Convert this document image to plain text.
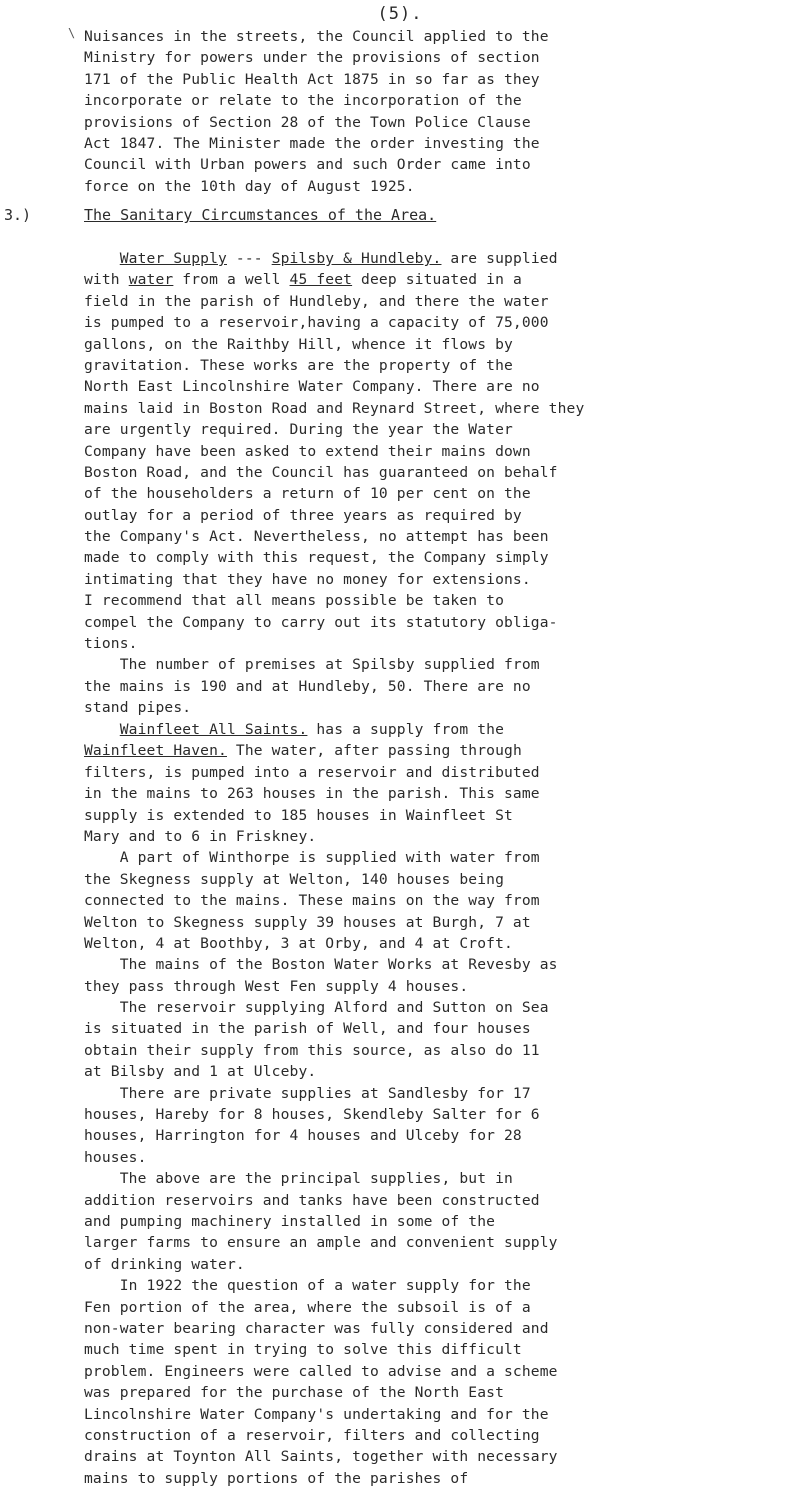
(5).
\ Nuisances in the streets, the Council applied to the
Ministry for powers under the provisions of section
171 of the Public Health Act 1875 in so far as they
incorporate or relate to the incorporation of the
provisions of Section 28 of the Town Police Clause
Act 1847. The Minister made the order investing the
Council with Urban powers and such Order came into
force on the 10th day of August 1925.
3.)	The Sanitary Circumstances of the Area.
Water Supply --- Spilsby & Hundleby. are supplied
with water from a well 45 feet deep situated in a
field in the parish of Hundleby, and there the water
is pumped to a reservoir,having a capacity of 75,000
gallons, on the Raithby Hill, whence it flows by
gravitation. These works are the property of the
North East Lincolnshire Water Company. There are no
mains laid in Boston Road and Reynard Street, where they
are urgently required. During the year the Water
Company have been asked to extend their mains down
Boston Road, and the Council has guaranteed on behalf
of the householders a return of 10 per cent on the
outlay for a period of three years as required by
the Company's Act. Nevertheless, no attempt has been
made to comply with this request, the Company simply
intimating that they have no money for extensions.
I recommend that all means possible be taken to
compel the Company to carry out its statutory obliga-
tions.
The number of premises at Spilsby supplied from
the mains is 190 and at Hundleby, 50. There are no
stand pipes.
Wainfleet All Saints. has a supply from the
Wainfleet Haven. The water, after passing through
filters, is pumped into a reservoir and distributed
in the mains to 263 houses in the parish. This same
supply is extended to 185 houses in Wainfleet St
Mary and to 6 in Friskney.
A part of Winthorpe is supplied with water from
the Skegness supply at Welton, 140 houses being
connected to the mains. These mains on the way from
Welton to Skegness supply 39 houses at Burgh, 7 at
Welton, 4 at Boothby, 3 at Orby, and 4 at Croft.
The mains of the Boston Water Works at Revesby as
they pass through West Fen supply 4 houses.
The reservoir supplying Alford and Sutton on Sea
is situated in the parish of Well, and four houses
obtain their supply from this source, as also do 11
at Bilsby and 1 at Ulceby.
There are private supplies at Sandlesby for 17
houses, Hareby for 8 houses, Skendleby Salter for 6
houses, Harrington for 4 houses and Ulceby for 28
houses.
The above are the principal supplies, but in
addition reservoirs and tanks have been constructed
and pumping machinery installed in some of the
larger farms to ensure an ample and convenient supply
of drinking water.
In 1922 the question of a water supply for the
Fen portion of the area, where the subsoil is of a
non-water bearing character was fully considered and
much time spent in trying to solve this difficult
problem. Engineers were called to advise and a scheme
was prepared for the purchase of the North East
Lincolnshire Water Company's undertaking and for the
construction of a reservoir, filters and collecting
drains at Toynton All Saints, together with necessary
mains to supply portions of the parishes of
